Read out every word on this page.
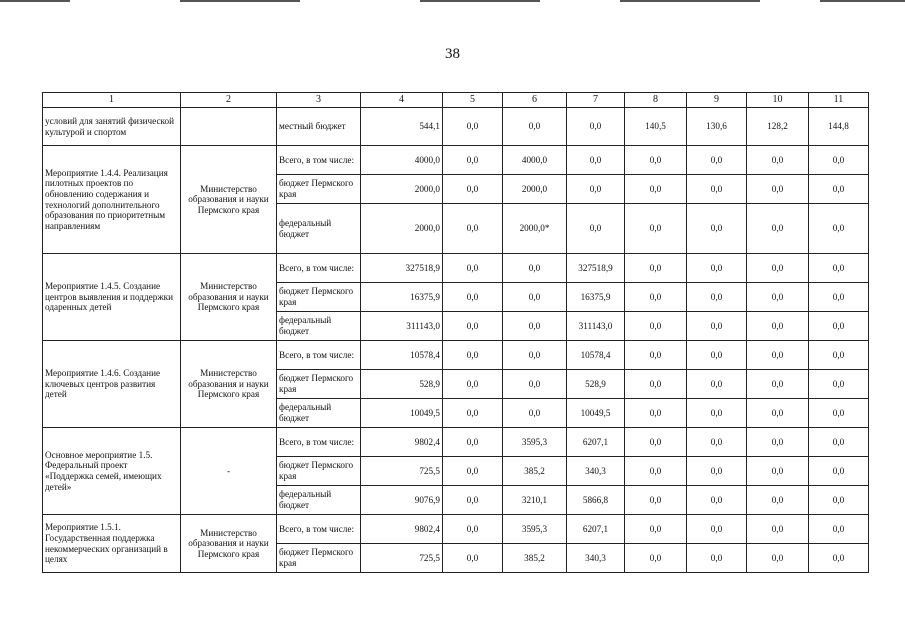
38
1	2	3	4	5	6	7	8	9	10	11
условий для занятий физической культурой и спортом		местный бюджет	544,1	0,0	0,0	0,0	140,5	130,6	128,2	144,8
Мероприятие 1.4.4. Реализация пилотных проектов по обновлению содержания и технологий дополнительного образования по приоритетным направлениям	Министерство образования и науки Пермского края	Всего, в том числе:	4000,0	0,0	4000,0	0,0	0,0	0,0	0,0	0,0
		бюджет Пермского края	2000,0	0,0	2000,0	0,0	0,0	0,0	0,0	0,0
		федеральный бюджет	2000,0	0,0	2000,0*	0,0	0,0	0,0	0,0	0,0
Мероприятие 1.4.5. Создание центров выявления и поддержки одаренных детей	Министерство образования и науки Пермского края	Всего, в том числе:	327518,9	0,0	0,0	327518,9	0,0	0,0	0,0	0,0
		бюджет Пермского края	16375,9	0,0	0,0	16375,9	0,0	0,0	0,0	0,0
		федеральный бюджет	311143,0	0,0	0,0	311143,0	0,0	0,0	0,0	0,0
Мероприятие 1.4.6. Создание ключевых центров развития детей	Министерство образования и науки Пермского края	Всего, в том числе:	10578,4	0,0	0,0	10578,4	0,0	0,0	0,0	0,0
		бюджет Пермского края	528,9	0,0	0,0	528,9	0,0	0,0	0,0	0,0
		федеральный бюджет	10049,5	0,0	0,0	10049,5	0,0	0,0	0,0	0,0
Основное мероприятие 1.5. Федеральный проект «Поддержка семей, имеющих детей»	-	Всего, в том числе:	9802,4	0,0	3595,3	6207,1	0,0	0,0	0,0	0,0
		бюджет Пермского края	725,5	0,0	385,2	340,3	0,0	0,0	0,0	0,0
		федеральный бюджет	9076,9	0,0	3210,1	5866,8	0,0	0,0	0,0	0,0
Мероприятие 1.5.1. Государственная поддержка некоммерческих организаций в целях	Министерство образования и науки Пермского края	Всего, в том числе:	9802,4	0,0	3595,3	6207,1	0,0	0,0	0,0	0,0
		бюджет Пермского края	725,5	0,0	385,2	340,3	0,0	0,0	0,0	0,0
